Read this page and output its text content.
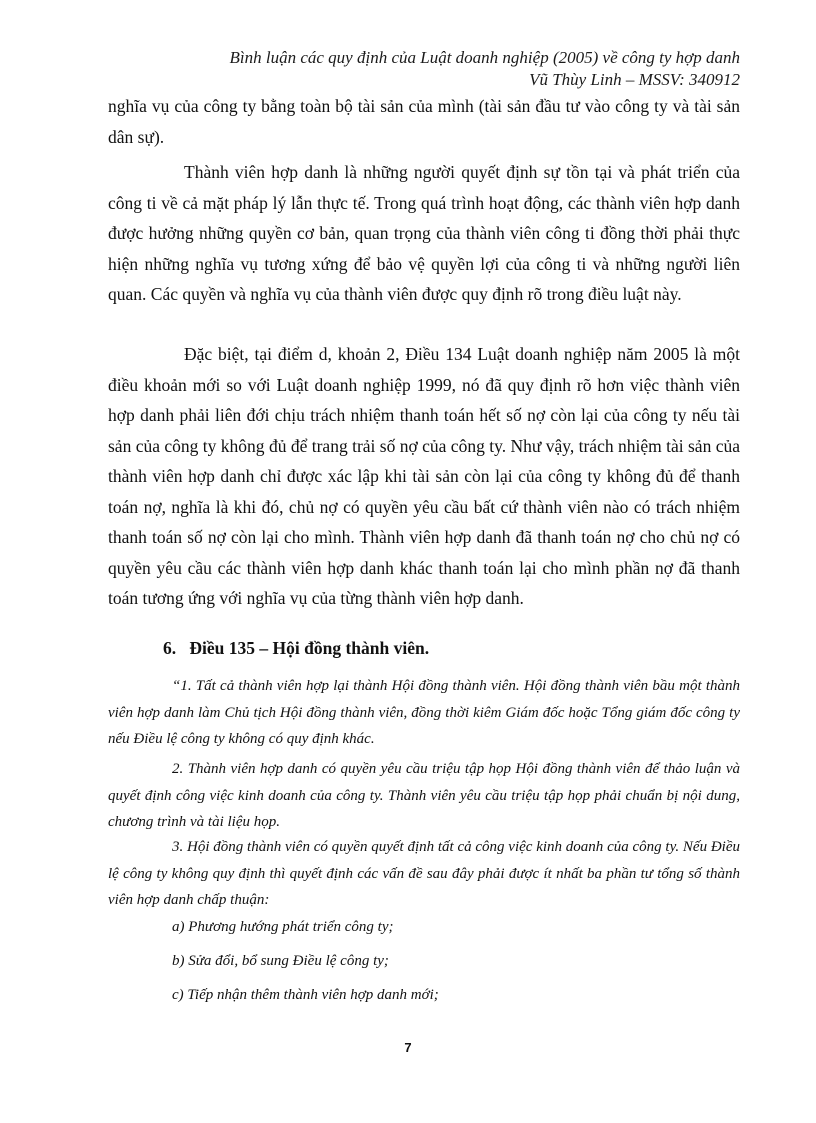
Bình luận các quy định của Luật doanh nghiệp (2005) về công ty hợp danh
Vũ Thùy Linh – MSSV: 340912

nghĩa vụ của công ty bằng toàn bộ tài sản của mình (tài sản đầu tư vào công ty và tài sản dân sự).

Thành viên hợp danh là những người quyết định sự tồn tại và phát triển của công ti về cả mặt pháp lý lẫn thực tế. Trong quá trình hoạt động, các thành viên hợp danh được hưởng những quyền cơ bản, quan trọng của thành viên công ti đồng thời phải thực hiện những nghĩa vụ tương xứng để bảo vệ quyền lợi của công ti và những người liên quan. Các quyền và nghĩa vụ của thành viên được quy định rõ trong điều luật này.

Đặc biệt, tại điểm d, khoản 2, Điều 134 Luật doanh nghiệp năm 2005 là một điều khoản mới so với Luật doanh nghiệp 1999, nó đã quy định rõ hơn việc thành viên hợp danh phải liên đới chịu trách nhiệm thanh toán hết số nợ còn lại của công ty nếu tài sản của công ty không đủ để trang trải số nợ của công ty. Như vậy, trách nhiệm tài sản của thành viên hợp danh chỉ được xác lập khi tài sản còn lại của công ty không đủ để thanh toán nợ, nghĩa là khi đó, chủ nợ có quyền yêu cầu bất cứ thành viên nào có trách nhiệm thanh toán số nợ còn lại cho mình. Thành viên hợp danh đã thanh toán nợ cho chủ nợ có quyền yêu cầu các thành viên hợp danh khác thanh toán lại cho mình phần nợ đã thanh toán tương ứng với nghĩa vụ của từng thành viên hợp danh.

6. Điều 135 – Hội đồng thành viên.

“1. Tất cả thành viên hợp lại thành Hội đồng thành viên. Hội đồng thành viên bầu một thành viên hợp danh làm Chủ tịch Hội đồng thành viên, đồng thời kiêm Giám đốc hoặc Tổng giám đốc công ty nếu Điều lệ công ty không có quy định khác.

2. Thành viên hợp danh có quyền yêu cầu triệu tập họp Hội đồng thành viên để thảo luận và quyết định công việc kinh doanh của công ty. Thành viên yêu cầu triệu tập họp phải chuẩn bị nội dung, chương trình và tài liệu họp.

3. Hội đồng thành viên có quyền quyết định tất cả công việc kinh doanh của công ty. Nếu Điều lệ công ty không quy định thì quyết định các vấn đề sau đây phải được ít nhất ba phần tư tổng số thành viên hợp danh chấp thuận:

a) Phương hướng phát triển công ty;
b) Sửa đổi, bổ sung Điều lệ công ty;
c) Tiếp nhận thêm thành viên hợp danh mới;
7
